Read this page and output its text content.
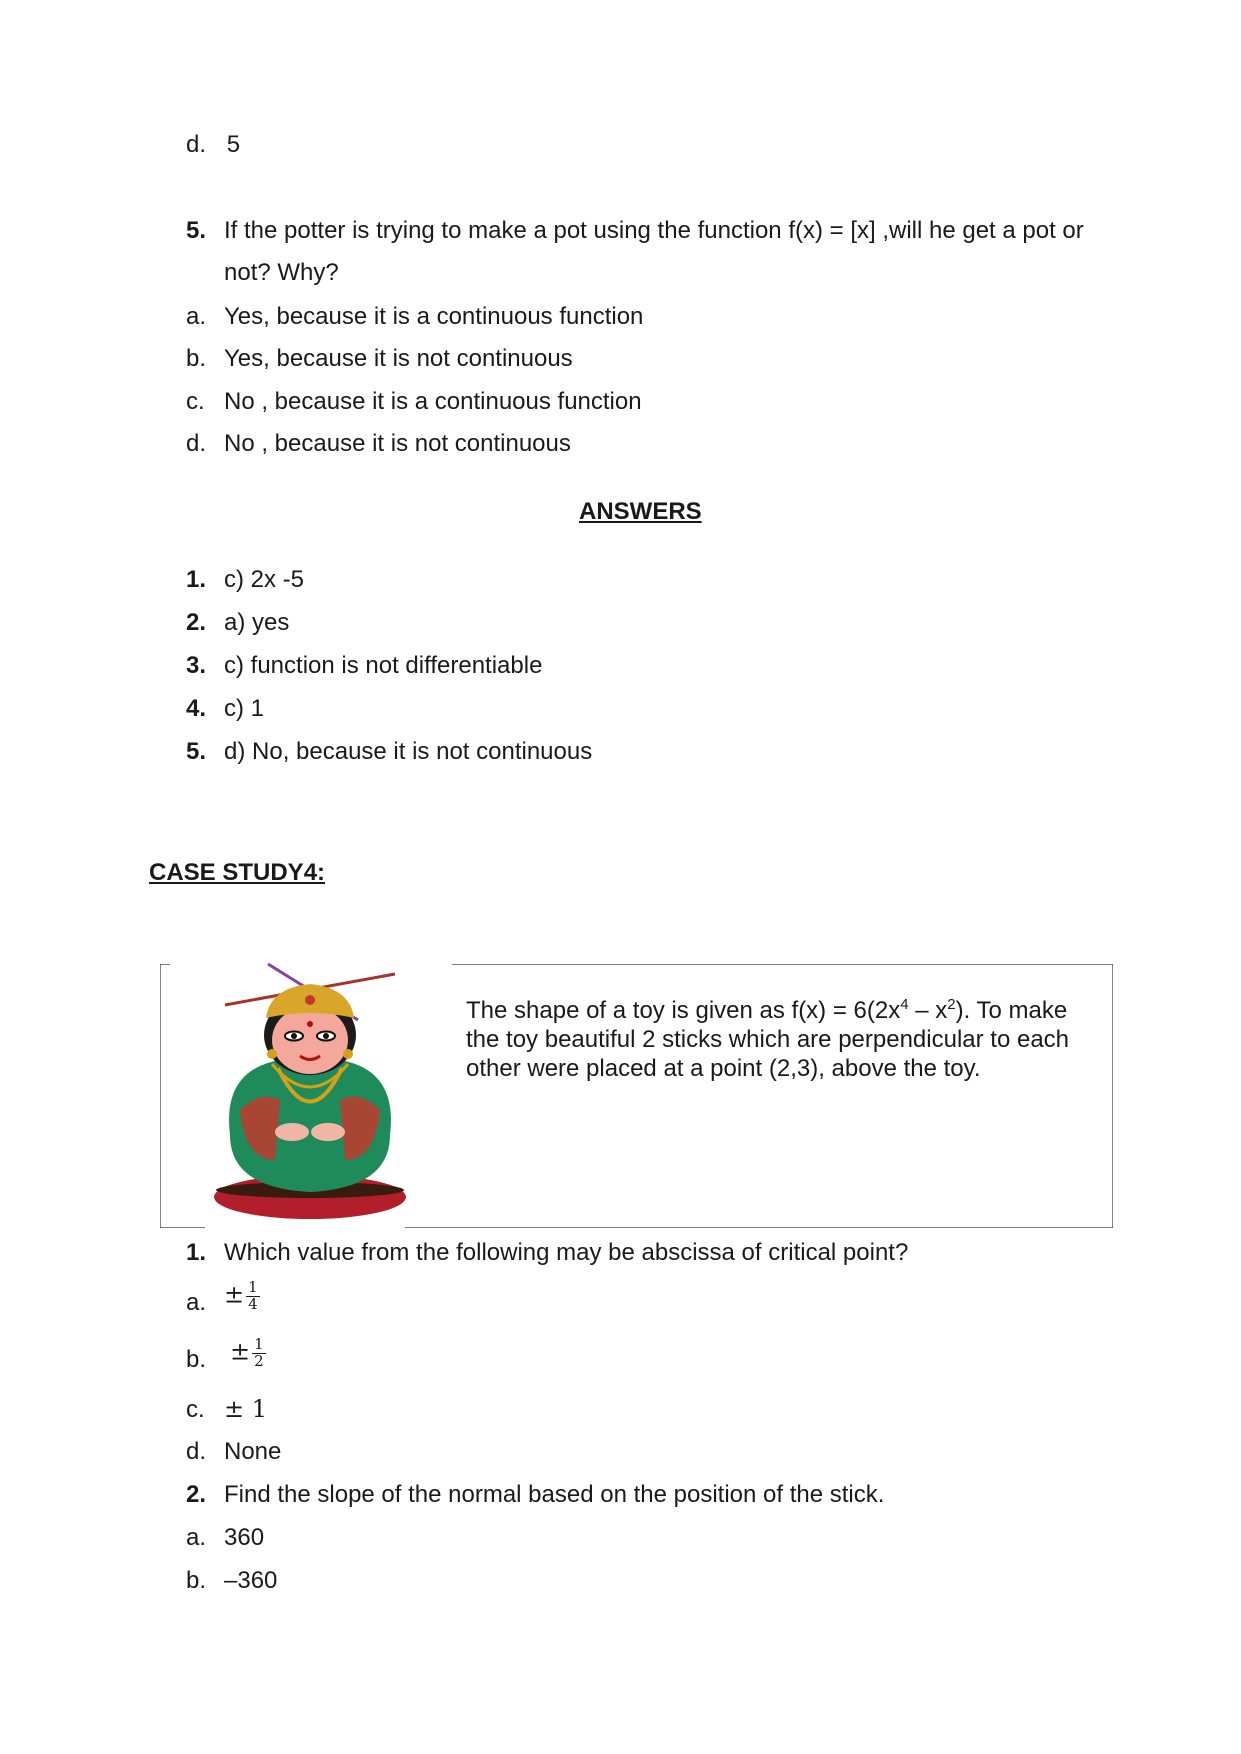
d. 5
5. If the potter is trying to make a pot using the function f(x) = [x] ,will he get a pot or
not? Why?
a. Yes, because it is a continuous function
b. Yes, because it is not continuous
c. No , because it is a continuous function
d. No , because it is not continuous
ANSWERS
1. c) 2x -5
2. a) yes
3. c) function is not differentiable
4. c) 1
5. d) No, because it is not continuous
CASE STUDY4:
The shape of a toy is given as $f(x) = 6(2x^4 - x^2)$. To make the toy beautiful 2 sticks which are perpendicular to each other were placed at a point (2,3), above the toy.
1. Which value from the following may be abscissa of critical point?
a. ± $\frac{1}{4}$
b. ± $\frac{1}{2}$
c. ± 1
d. None
2. Find the slope of the normal based on the position of the stick.
a. 360
b. –360
